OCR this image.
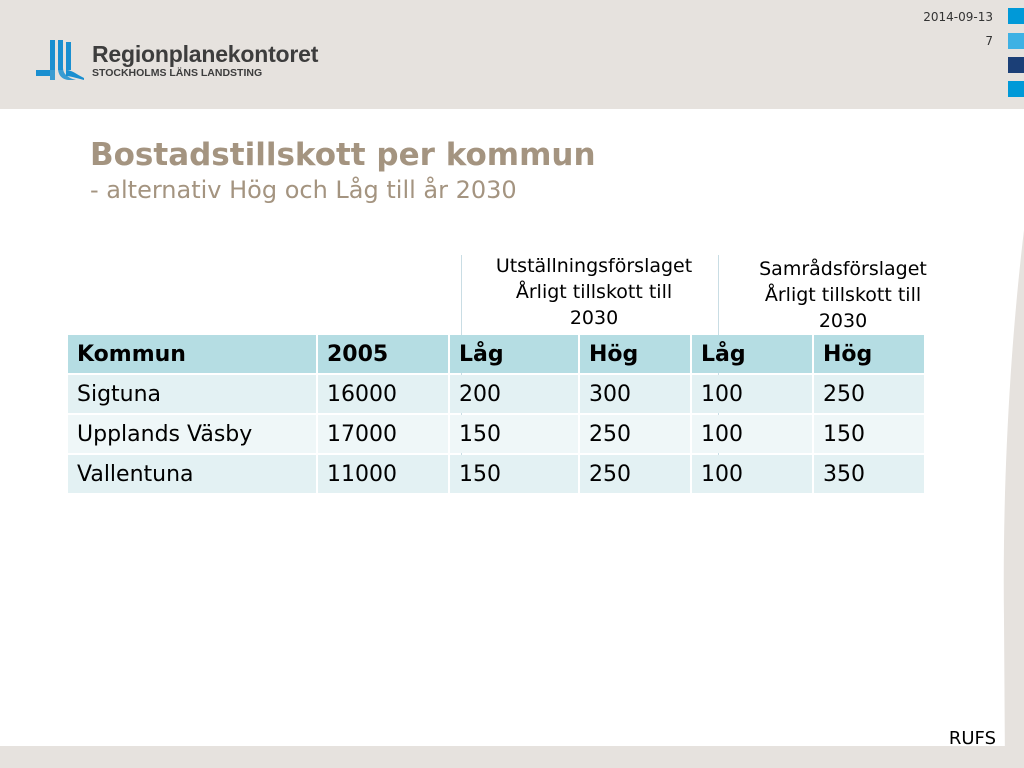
Regionplanekontoret
STOCKHOLMS LÄNS LANDSTING
2014-09-13
7
Bostadstillskott per kommun
- alternativ Hög och Låg till år 2030
Utställningsförslaget
Årligt tillskott till
2030
Samrådsförslaget
Årligt tillskott till
2030
Kommun	2005	Låg	Hög	Låg	Hög
Sigtuna	16000	200	300	100	250
Upplands Väsby	17000	150	250	100	150
Vallentuna	11000	150	250	100	350
RUFS
